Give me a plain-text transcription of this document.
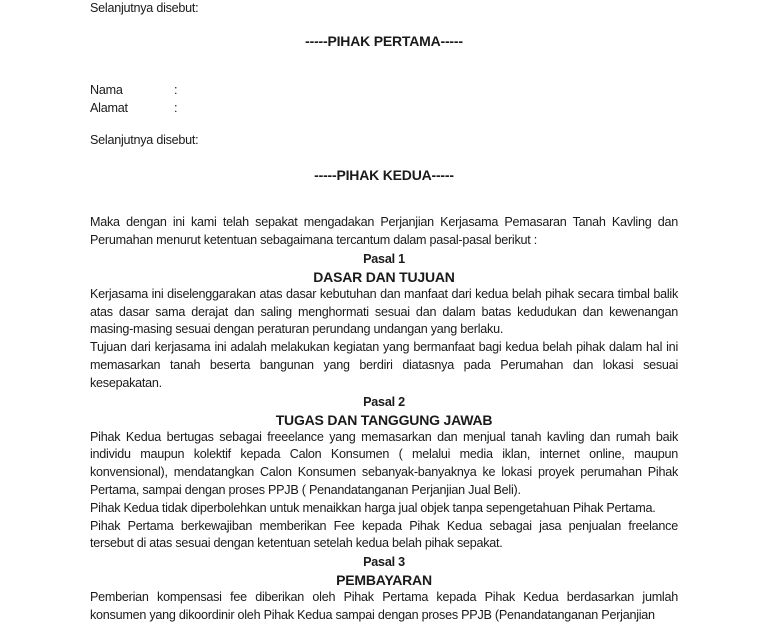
Selanjutnya disebut:
-----PIHAK PERTAMA-----
Nama	:
Alamat	:
Selanjutnya disebut:
-----PIHAK KEDUA-----
Maka dengan ini kami telah sepakat mengadakan Perjanjian Kerjasama Pemasaran Tanah Kavling dan Perumahan menurut ketentuan sebagaimana tercantum dalam pasal-pasal berikut :
Pasal 1
DASAR DAN TUJUAN
Kerjasama ini diselenggarakan atas dasar kebutuhan dan manfaat dari kedua belah pihak secara timbal balik atas dasar sama derajat dan saling menghormati sesuai dan dalam batas kedudukan dan kewenangan masing-masing sesuai dengan peraturan perundang undangan yang berlaku.
Tujuan dari kerjasama ini adalah melakukan kegiatan yang bermanfaat bagi kedua belah pihak dalam hal ini memasarkan tanah beserta bangunan yang berdiri diatasnya pada Perumahan dan lokasi sesuai kesepakatan.
Pasal 2
TUGAS DAN TANGGUNG JAWAB
Pihak Kedua bertugas sebagai freeelance yang memasarkan dan menjual tanah kavling dan rumah baik individu maupun kolektif kepada Calon Konsumen ( melalui media iklan, internet online, maupun konvensional), mendatangkan Calon Konsumen sebanyak-banyaknya ke lokasi proyek perumahan Pihak Pertama, sampai dengan proses PPJB ( Penandatanganan Perjanjian Jual Beli).
Pihak Kedua tidak diperbolehkan untuk menaikkan harga jual objek tanpa sepengetahuan Pihak Pertama.
Pihak Pertama berkewajiban memberikan Fee kepada Pihak Kedua sebagai jasa penjualan freelance tersebut di atas sesuai dengan ketentuan setelah kedua belah pihak sepakat.
Pasal 3
PEMBAYARAN
Pemberian kompensasi fee diberikan oleh Pihak Pertama kepada Pihak Kedua berdasarkan jumlah konsumen yang dikoordinir oleh Pihak Kedua sampai dengan proses PPJB (Penandatanganan Perjanjian
